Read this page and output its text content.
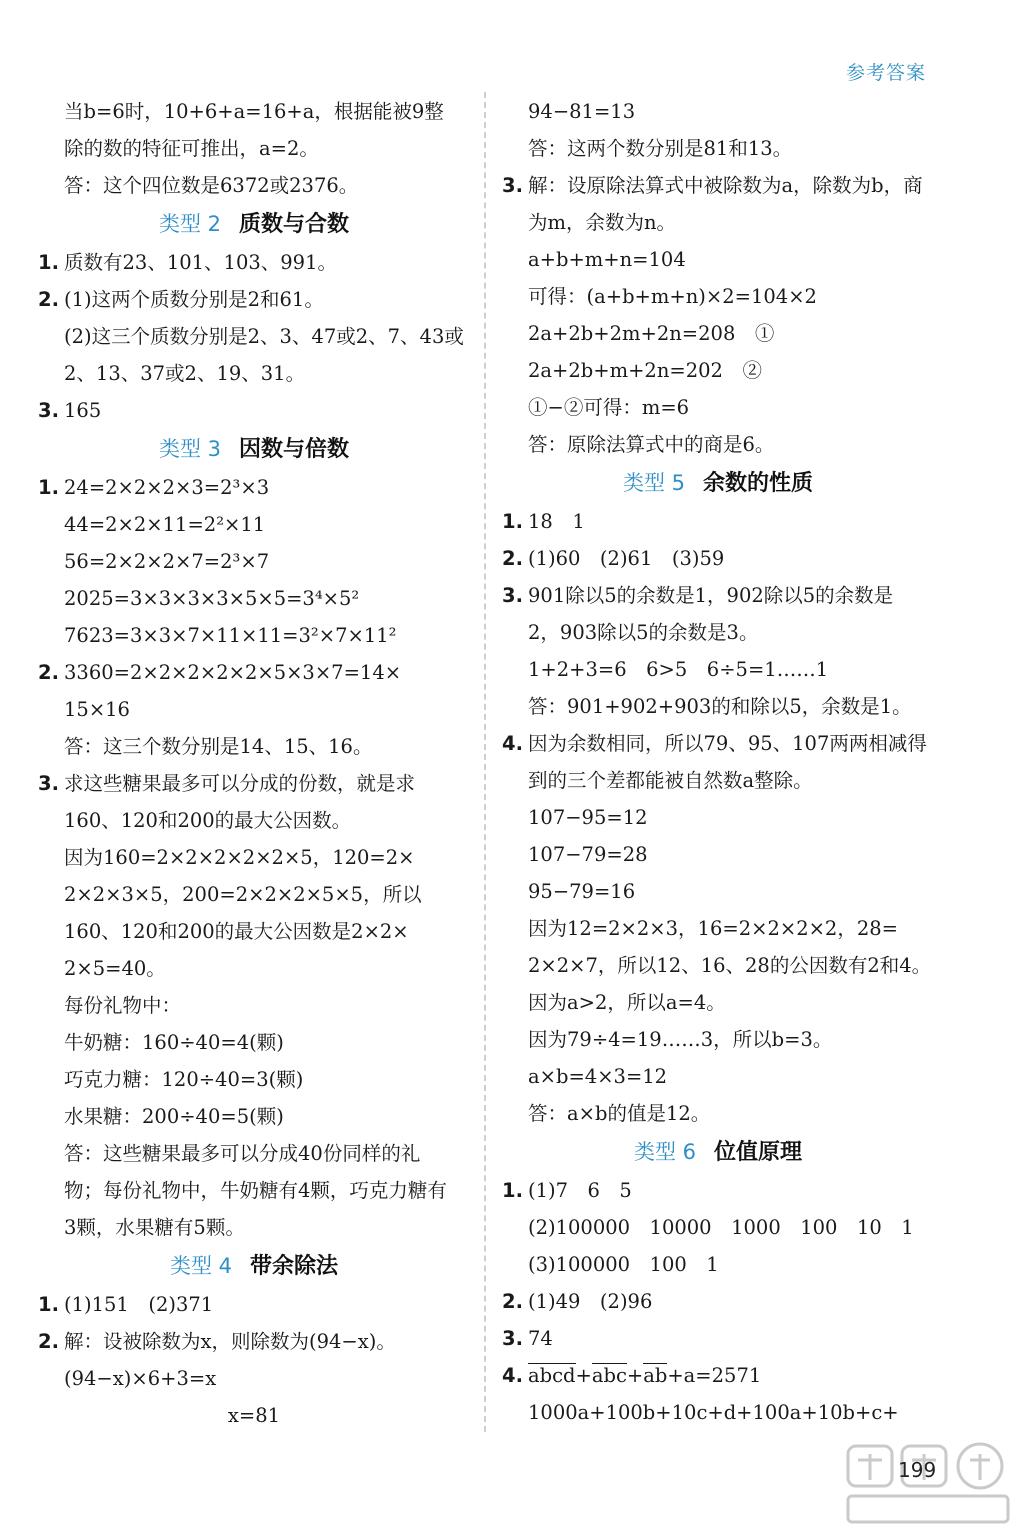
参考答案
当b=6时，10+6+a=16+a，根据能被9整
除的数的特征可推出，a=2。
答：这个四位数是6372或2376。
类型 2 质数与合数
1. 质数有23、101、103、991。
2. (1)这两个质数分别是2和61。
(2)这三个质数分别是2、3、47或2、7、43或
2、13、37或2、19、31。
3. 165
类型 3 因数与倍数
1. 24=2×2×2×3=2³×3
44=2×2×11=2²×11
56=2×2×2×7=2³×7
2025=3×3×3×3×5×5=3⁴×5²
7623=3×3×7×11×11=3²×7×11²
2. 3360=2×2×2×2×2×5×3×7=14×
15×16
答：这三个数分别是14、15、16。
3. 求这些糖果最多可以分成的份数，就是求
160、120和200的最大公因数。
因为160=2×2×2×2×2×5，120=2×
2×2×3×5，200=2×2×2×5×5，所以
160、120和200的最大公因数是2×2×
2×5=40。
每份礼物中：
牛奶糖：160÷40=4(颗)
巧克力糖：120÷40=3(颗)
水果糖：200÷40=5(颗)
答：这些糖果最多可以分成40份同样的礼
物；每份礼物中，牛奶糖有4颗，巧克力糖有
3颗，水果糖有5颗。
类型 4 带余除法
1. (1)151　(2)371
2. 解：设被除数为x，则除数为(94−x)。
(94−x)×6+3=x
x=81
94−81=13
答：这两个数分别是81和13。
3. 解：设原除法算式中被除数为a，除数为b，商
为m，余数为n。
a+b+m+n=104
可得：(a+b+m+n)×2=104×2
2a+2b+2m+2n=208　①
2a+2b+m+2n=202　②
①−②可得：m=6
答：原除法算式中的商是6。
类型 5 余数的性质
1. 18　1
2. (1)60　(2)61　(3)59
3. 901除以5的余数是1，902除以5的余数是
2，903除以5的余数是3。
1+2+3=6　6>5　6÷5=1……1
答：901+902+903的和除以5，余数是1。
4. 因为余数相同，所以79、95、107两两相减得
到的三个差都能被自然数a整除。
107−95=12
107−79=28
95−79=16
因为12=2×2×3，16=2×2×2×2，28=
2×2×7，所以12、16、28的公因数有2和4。
因为a>2，所以a=4。
因为79÷4=19……3，所以b=3。
a×b=4×3=12
答：a×b的值是12。
类型 6 位值原理
1. (1)7　6　5
(2)100000　10000　1000　100　10　1
(3)100000　100　1
2. (1)49　(2)96
3. 74
4. abcd+abc+ab+a=2571
1000a+100b+10c+d+100a+10b+c+
199
